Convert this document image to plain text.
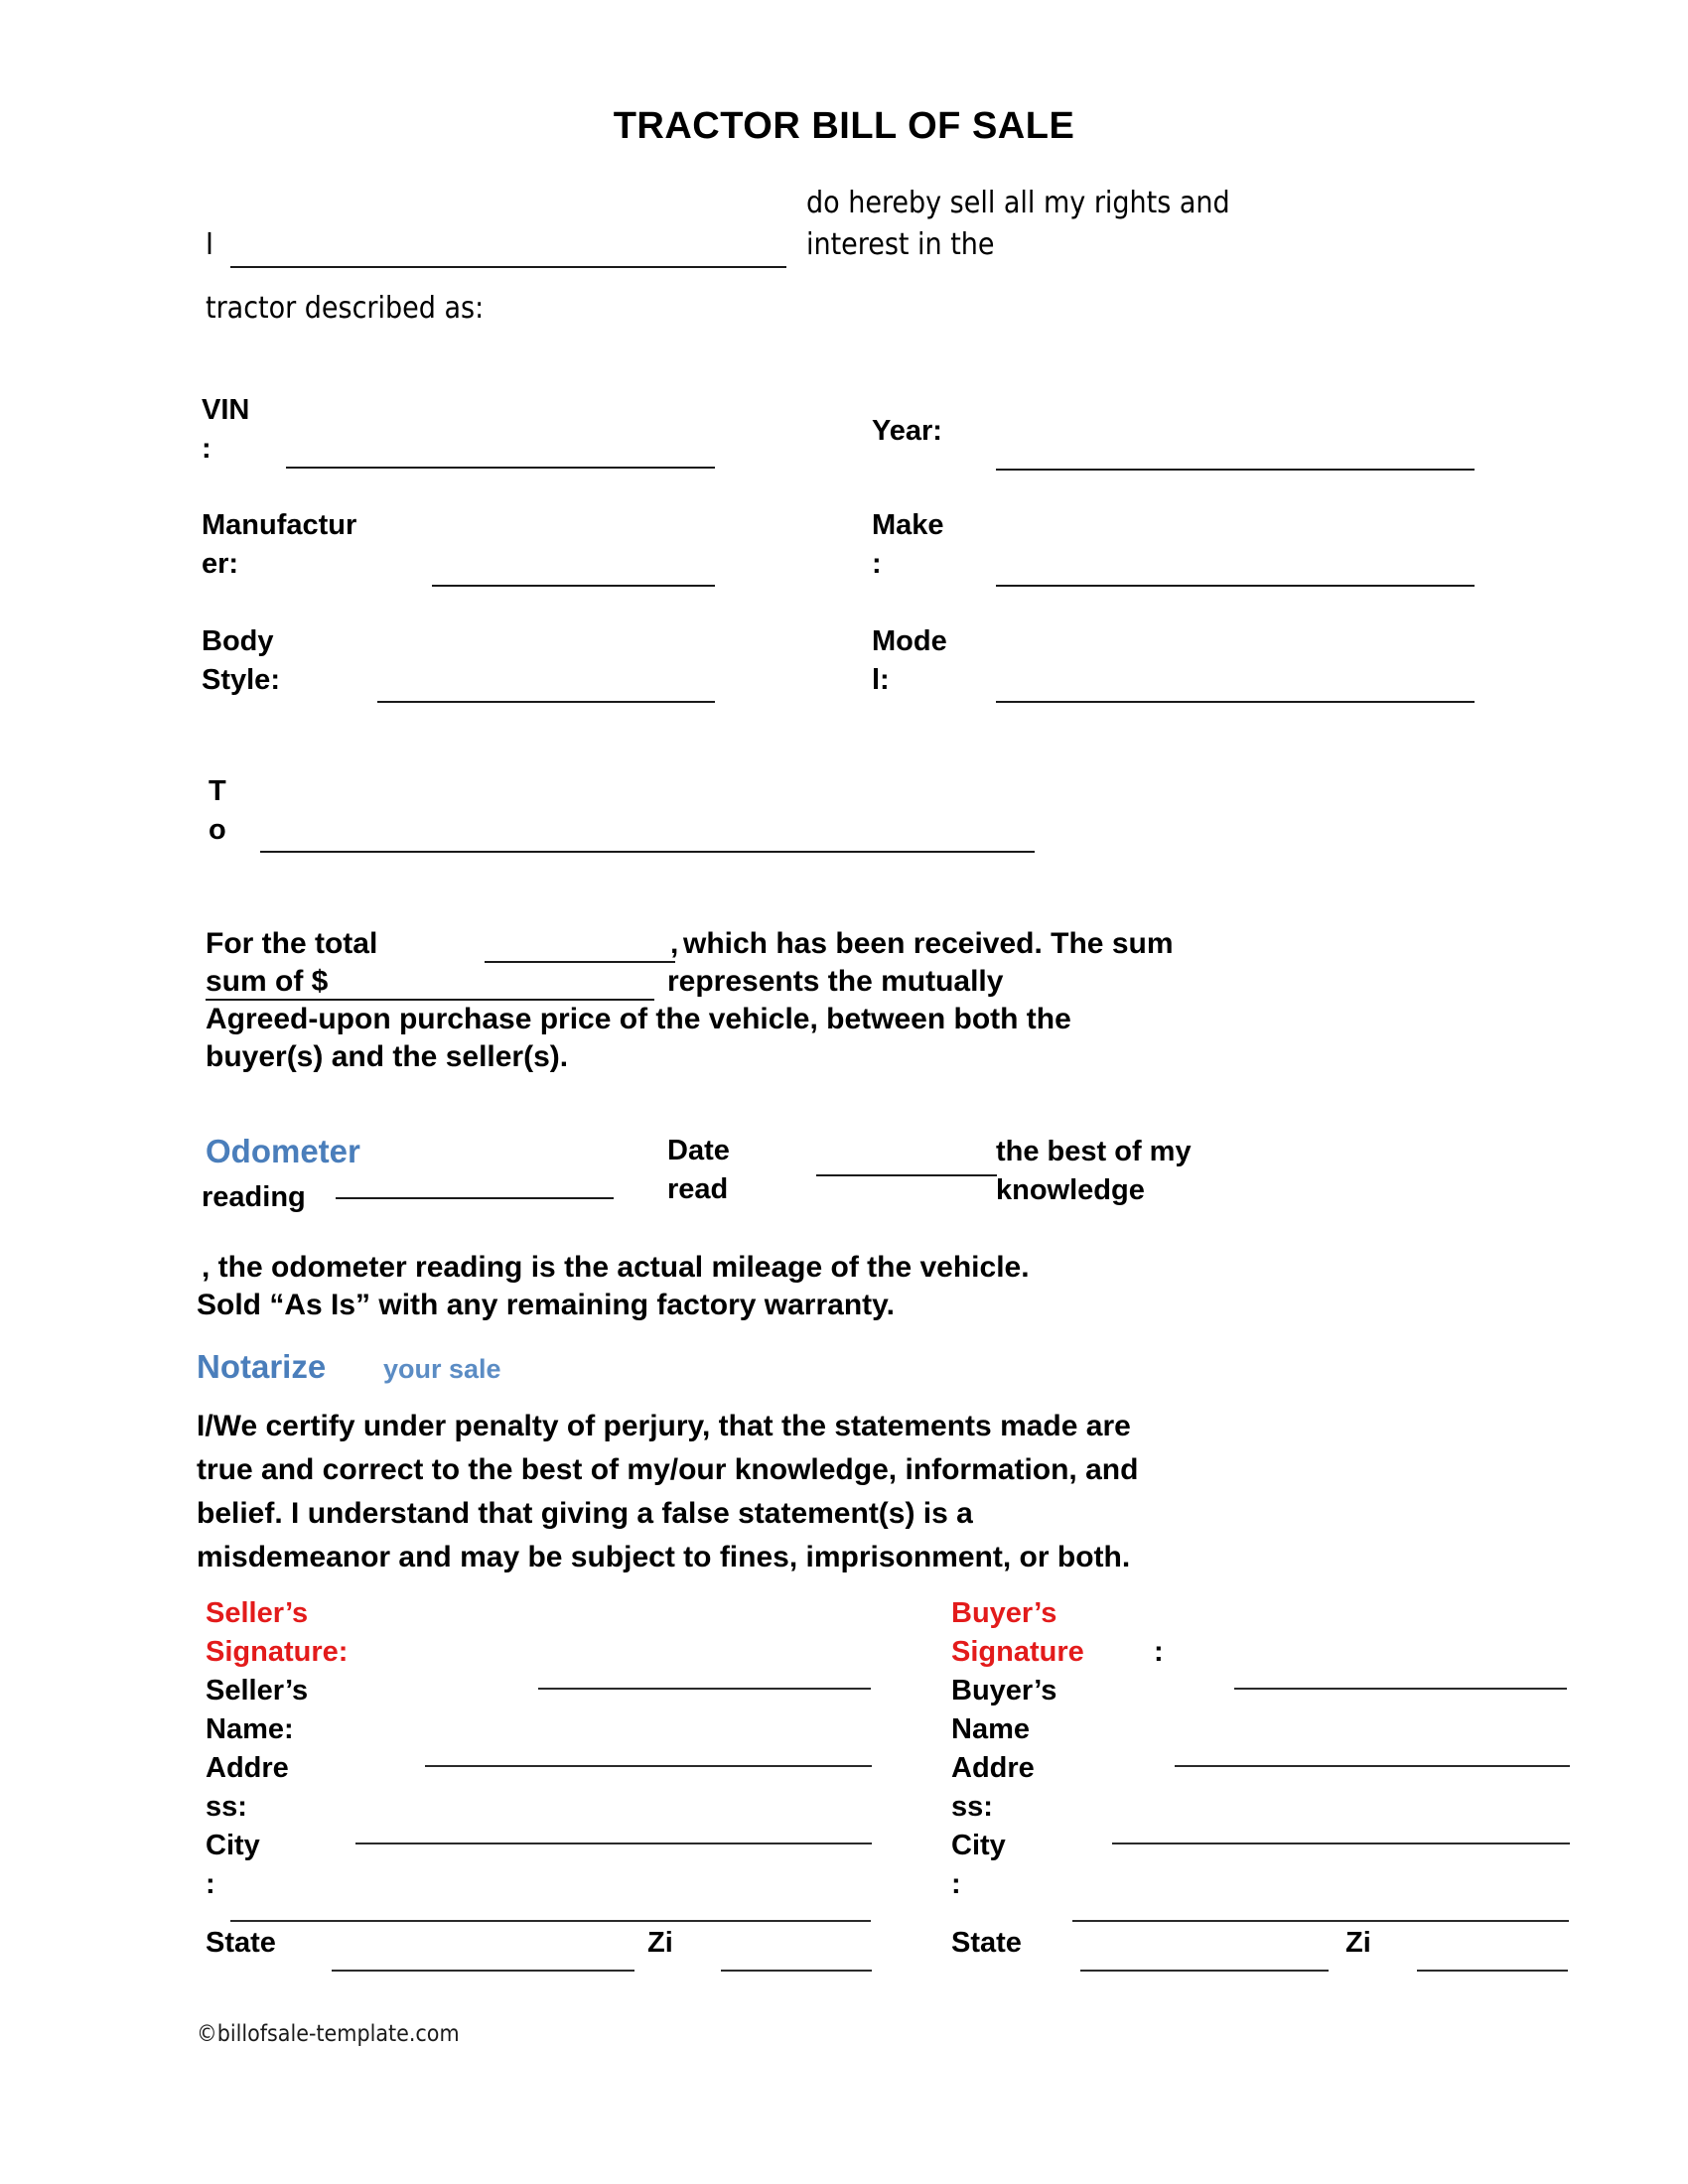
TRACTOR BILL OF SALE
do hereby sell all my rights and
interest in the
I
tractor described as:
VIN
:
Year:
Manufactur
er:
Make
:
Body
Style:
Mode
l:
T
o
For the total	, which has been received. The sum
sum of $	represents the mutually
Agreed-upon purchase price of the vehicle, between both the
buyer(s) and the seller(s).
Odometer
reading
Date
read
the best of my
knowledge
, the odometer reading is the actual mileage of the vehicle.
Sold “As Is” with any remaining factory warranty.
Notarize your sale
I/We certify under penalty of perjury, that the statements made are
true and correct to the best of my/our knowledge, information, and
belief. I understand that giving a false statement(s) is a
misdemeanor and may be subject to fines, imprisonment, or both.
Seller’s
Signature:
Seller’s
Name:
Addre
ss:
City
:
State	Zi
Buyer’s
Signature :
Buyer’s
Name
Addre
ss:
City
:
State	Zi
©billofsale-template.com
